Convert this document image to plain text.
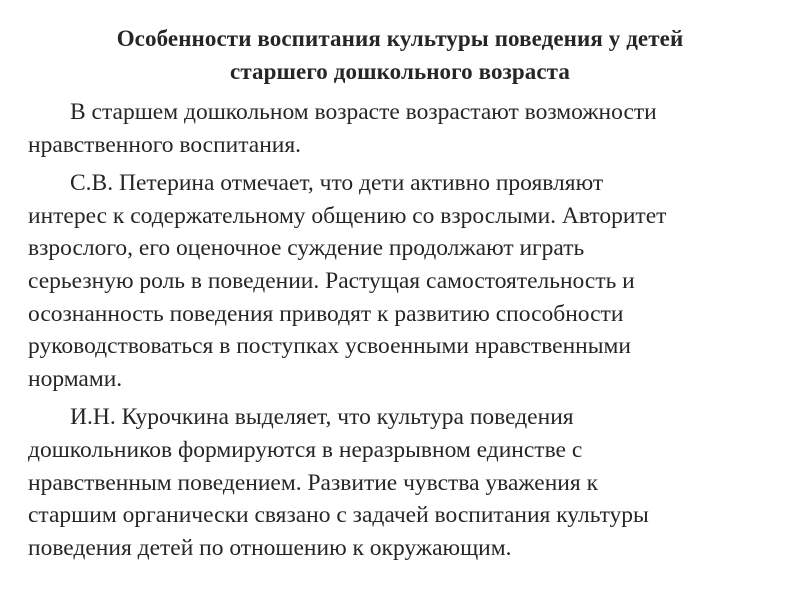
Особенности воспитания культуры поведения у детей
старшего дошкольного возраста

В старшем дошкольном возрасте возрастают возможности
нравственного воспитания.

С.В. Петерина отмечает, что дети активно проявляют
интерес к содержательному общению со взрослыми. Авторитет
взрослого, его оценочное суждение продолжают играть
серьезную роль в поведении. Растущая самостоятельность и
осознанность поведения приводят к развитию способности
руководствоваться в поступках усвоенными нравственными
нормами.

И.Н. Курочкина выделяет, что культура поведения
дошкольников формируются в неразрывном единстве с
нравственным поведением. Развитие чувства уважения к
старшим органически связано с задачей воспитания культуры
поведения детей по отношению к окружающим.
